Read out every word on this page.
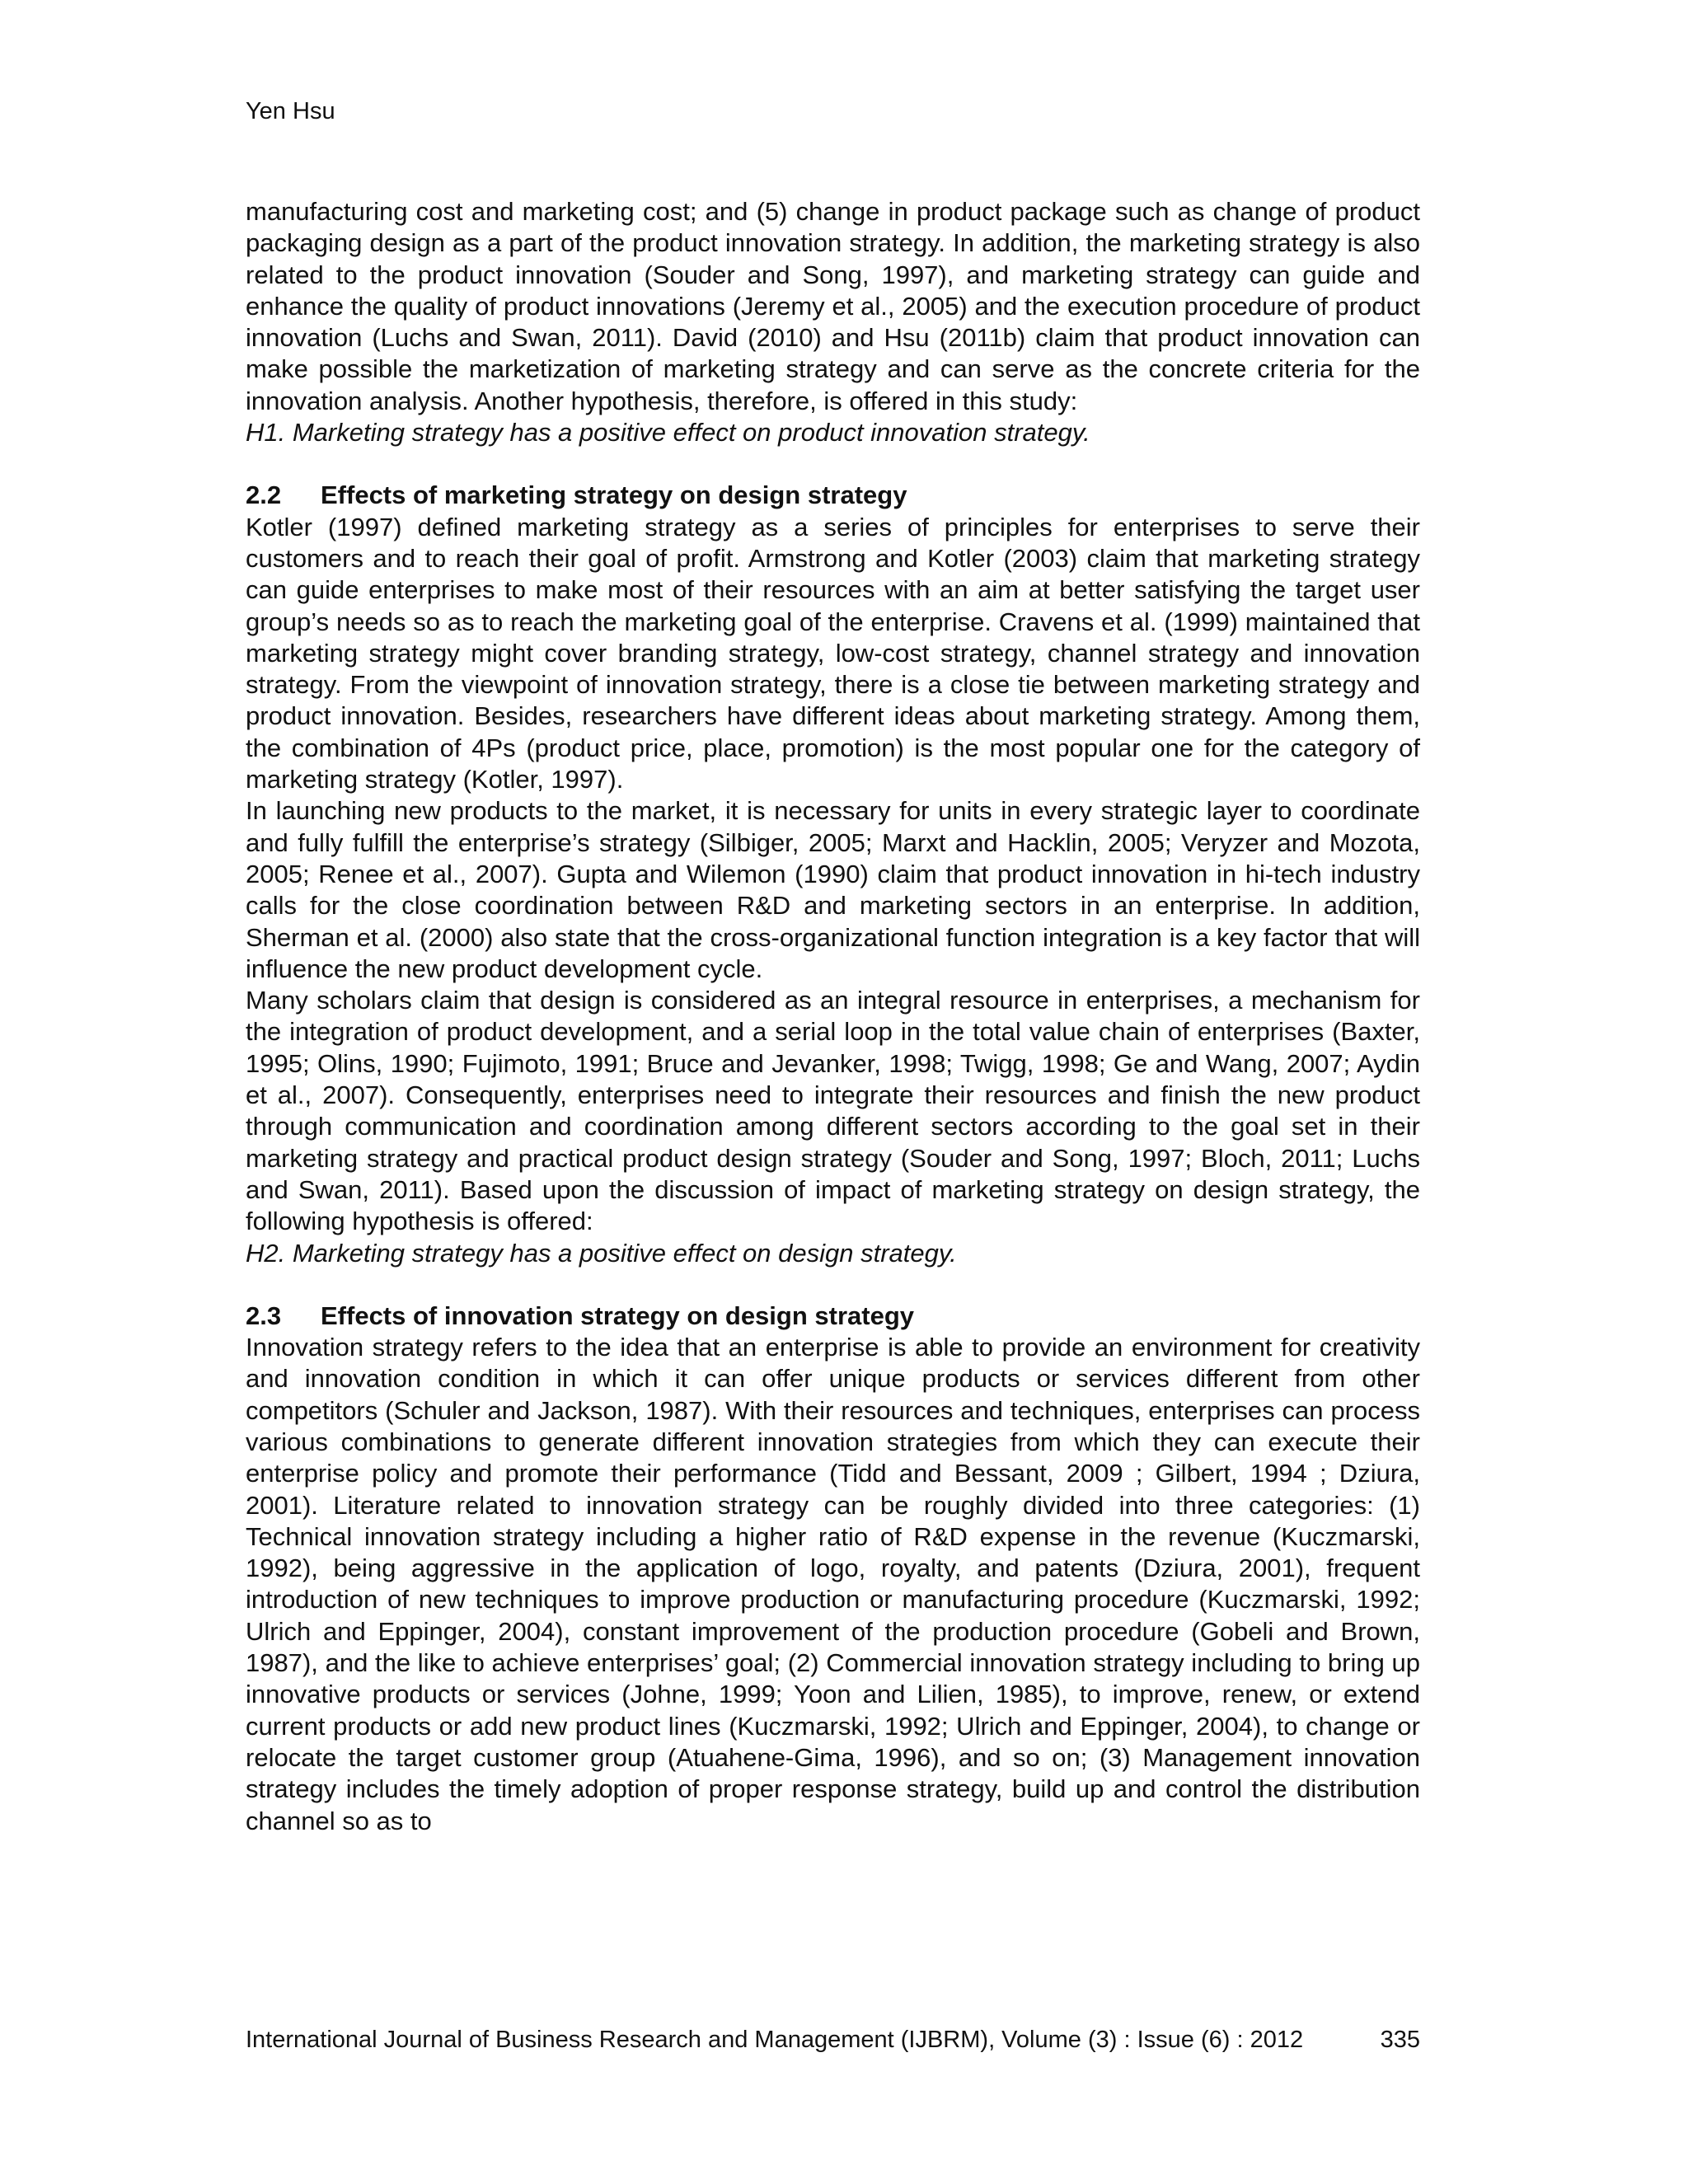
Yen Hsu

manufacturing cost and marketing cost; and (5) change in product package such as change of product packaging design as a part of the product innovation strategy. In addition, the marketing strategy is also related to the product innovation (Souder and Song, 1997), and marketing strategy can guide and enhance the quality of product innovations (Jeremy et al., 2005) and the execution procedure of product innovation (Luchs and Swan, 2011). David (2010) and Hsu (2011b) claim that product innovation can make possible the marketization of marketing strategy and can serve as the concrete criteria for the innovation analysis. Another hypothesis, therefore, is offered in this study:

H1. Marketing strategy has a positive effect on product innovation strategy.

2.2 Effects of marketing strategy on design strategy

Kotler (1997) defined marketing strategy as a series of principles for enterprises to serve their customers and to reach their goal of profit. Armstrong and Kotler (2003) claim that marketing strategy can guide enterprises to make most of their resources with an aim at better satisfying the target user group’s needs so as to reach the marketing goal of the enterprise. Cravens et al. (1999) maintained that marketing strategy might cover branding strategy, low-cost strategy, channel strategy and innovation strategy. From the viewpoint of innovation strategy, there is a close tie between marketing strategy and product innovation. Besides, researchers have different ideas about marketing strategy. Among them, the combination of 4Ps (product price, place, promotion) is the most popular one for the category of marketing strategy (Kotler, 1997).

In launching new products to the market, it is necessary for units in every strategic layer to coordinate and fully fulfill the enterprise’s strategy (Silbiger, 2005; Marxt and Hacklin, 2005; Veryzer and Mozota, 2005; Renee et al., 2007). Gupta and Wilemon (1990) claim that product innovation in hi-tech industry calls for the close coordination between R&D and marketing sectors in an enterprise. In addition, Sherman et al. (2000) also state that the cross-organizational function integration is a key factor that will influence the new product development cycle.

Many scholars claim that design is considered as an integral resource in enterprises, a mechanism for the integration of product development, and a serial loop in the total value chain of enterprises (Baxter, 1995; Olins, 1990; Fujimoto, 1991; Bruce and Jevanker, 1998; Twigg, 1998; Ge and Wang, 2007; Aydin et al., 2007). Consequently, enterprises need to integrate their resources and finish the new product through communication and coordination among different sectors according to the goal set in their marketing strategy and practical product design strategy (Souder and Song, 1997; Bloch, 2011; Luchs and Swan, 2011). Based upon the discussion of impact of marketing strategy on design strategy, the following hypothesis is offered:

H2. Marketing strategy has a positive effect on design strategy.

2.3 Effects of innovation strategy on design strategy

Innovation strategy refers to the idea that an enterprise is able to provide an environment for creativity and innovation condition in which it can offer unique products or services different from other competitors (Schuler and Jackson, 1987). With their resources and techniques, enterprises can process various combinations to generate different innovation strategies from which they can execute their enterprise policy and promote their performance (Tidd and Bessant, 2009 ; Gilbert, 1994 ; Dziura, 2001). Literature related to innovation strategy can be roughly divided into three categories: (1) Technical innovation strategy including a higher ratio of R&D expense in the revenue (Kuczmarski, 1992), being aggressive in the application of logo, royalty, and patents (Dziura, 2001), frequent introduction of new techniques to improve production or manufacturing procedure (Kuczmarski, 1992; Ulrich and Eppinger, 2004), constant improvement of the production procedure (Gobeli and Brown, 1987), and the like to achieve enterprises’ goal; (2) Commercial innovation strategy including to bring up innovative products or services (Johne, 1999; Yoon and Lilien, 1985), to improve, renew, or extend current products or add new product lines (Kuczmarski, 1992; Ulrich and Eppinger, 2004), to change or relocate the target customer group (Atuahene-Gima, 1996), and so on; (3) Management innovation strategy includes the timely adoption of proper response strategy, build up and control the distribution channel so as to

International Journal of Business Research and Management (IJBRM), Volume (3) : Issue (6) : 2012	335
